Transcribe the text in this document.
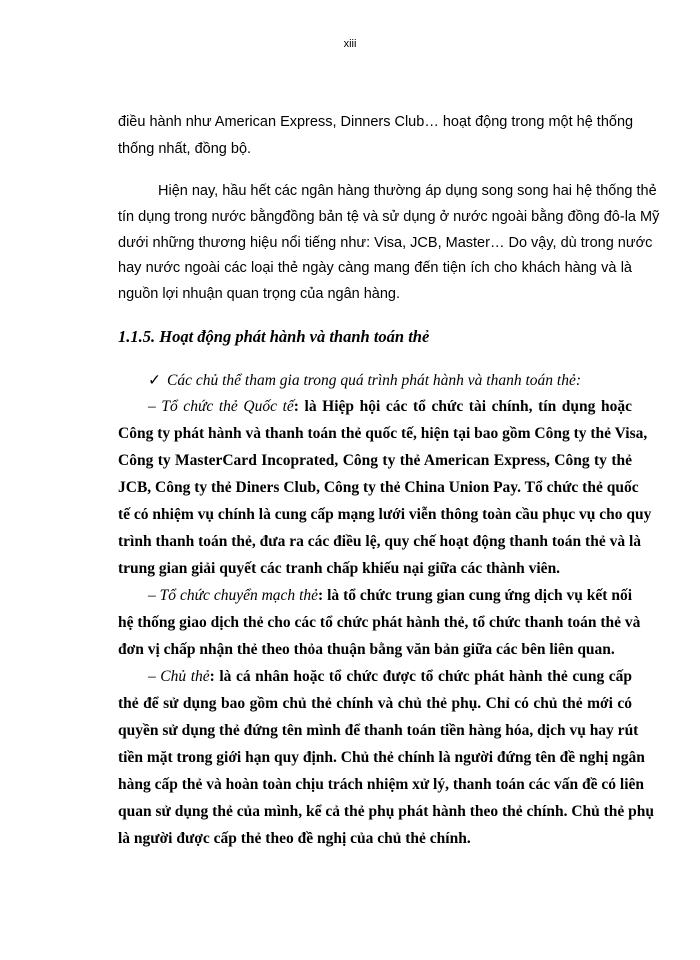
xiii
điều hành như American Express, Dinners Club… hoạt động trong một hệ thống
thống nhất, đồng bộ.
Hiện nay, hầu hết các ngân hàng thường áp dụng song song hai hệ thống thẻ
tín dụng trong nước bằngđồng bản tệ và sử dụng ở nước ngoài bằng đồng đô-la Mỹ
dưới những thương hiệu nổi tiếng như: Visa, JCB, Master… Do vậy, dù trong nước
hay nước ngoài các loại thẻ ngày càng mang đến tiện ích cho khách hàng và là
nguồn lợi nhuận quan trọng của ngân hàng.
1.1.5. Hoạt động phát hành và thanh toán thẻ
✓ Các chủ thể tham gia trong quá trình phát hành và thanh toán thẻ:
– Tổ chức thẻ Quốc tế: là Hiệp hội các tổ chức tài chính, tín dụng hoặc
Công ty phát hành và thanh toán thẻ quốc tế, hiện tại bao gồm Công ty thẻ Visa,
Công ty MasterCard Incoprated, Công ty thẻ American Express, Công ty thẻ
JCB, Công ty thẻ Diners Club, Công ty thẻ China Union Pay. Tổ chức thẻ quốc
tế có nhiệm vụ chính là cung cấp mạng lưới viễn thông toàn cầu phục vụ cho quy
trình thanh toán thẻ, đưa ra các điều lệ, quy chế hoạt động thanh toán thẻ và là
trung gian giải quyết các tranh chấp khiếu nại giữa các thành viên.
– Tổ chức chuyển mạch thẻ: là tổ chức trung gian cung ứng dịch vụ kết nối
hệ thống giao dịch thẻ cho các tổ chức phát hành thẻ, tổ chức thanh toán thẻ và
đơn vị chấp nhận thẻ theo thỏa thuận bằng văn bản giữa các bên liên quan.
– Chủ thẻ: là cá nhân hoặc tổ chức được tổ chức phát hành thẻ cung cấp
thẻ để sử dụng bao gồm chủ thẻ chính và chủ thẻ phụ. Chỉ có chủ thẻ mới có
quyền sử dụng thẻ đứng tên mình để thanh toán tiền hàng hóa, dịch vụ hay rút
tiền mặt trong giới hạn quy định. Chủ thẻ chính là người đứng tên đề nghị ngân
hàng cấp thẻ và hoàn toàn chịu trách nhiệm xử lý, thanh toán các vấn đề có liên
quan sử dụng thẻ của mình, kể cả thẻ phụ phát hành theo thẻ chính. Chủ thẻ phụ
là người được cấp thẻ theo đề nghị của chủ thẻ chính.
